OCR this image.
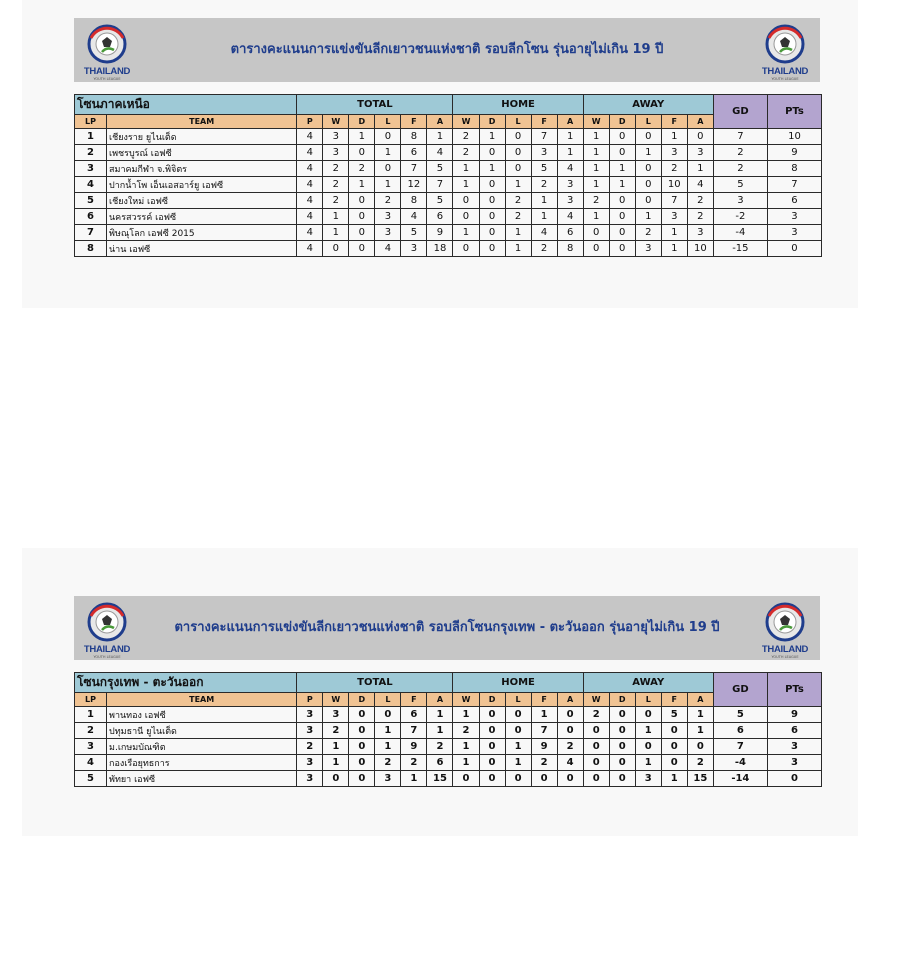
THAILAND
YOUTH LEAGUE
ตารางคะแนนการแข่งขันลีกเยาวชนแห่งชาติ รอบลีกโซน รุ่นอายุไม่เกิน 19 ปี
THAILAND
YOUTH LEAGUE
โซนภาคเหนือ		TOTAL						HOME					AWAY					GD	PTs
LP	TEAM	P	W	D	L	F	A	W	D	L	F	A	W	D	L	F	A		
1	เชียงราย ยูไนเต็ด	4	3	1	0	8	1	2	1	0	7	1	1	0	0	1	0	7	10
2	เพชรบูรณ์ เอฟซี	4	3	0	1	6	4	2	0	0	3	1	1	0	1	3	3	2	9
3	สมาคมกีฬา จ.พิจิตร	4	2	2	0	7	5	1	1	0	5	4	1	1	0	2	1	2	8
4	ปากน้ำโพ เอ็นเอสอาร์ยู เอฟซี	4	2	1	1	12	7	1	0	1	2	3	1	1	0	10	4	5	7
5	เชียงใหม่ เอฟซี	4	2	0	2	8	5	0	0	2	1	3	2	0	0	7	2	3	6
6	นครสวรรค์ เอฟซี	4	1	0	3	4	6	0	0	2	1	4	1	0	1	3	2	-2	3
7	พิษณุโลก เอฟซี 2015	4	1	0	3	5	9	1	0	1	4	6	0	0	2	1	3	-4	3
8	น่าน เอฟซี	4	0	0	4	3	18	0	0	1	2	8	0	0	3	1	10	-15	0
THAILAND
YOUTH LEAGUE
ตารางคะแนนการแข่งขันลีกเยาวชนแห่งชาติ รอบลีกโซนกรุงเทพ - ตะวันออก รุ่นอายุไม่เกิน 19 ปี
THAILAND
YOUTH LEAGUE
โซนกรุงเทพ - ตะวันออก		TOTAL						HOME					AWAY					GD	PTs
LP	TEAM	P	W	D	L	F	A	W	D	L	F	A	W	D	L	F	A		
1	พานทอง เอฟซี	3	3	0	0	6	1	1	0	0	1	0	2	0	0	5	1	5	9
2	ปทุมธานี ยูไนเต็ด	3	2	0	1	7	1	2	0	0	7	0	0	0	1	0	1	6	6
3	ม.เกษมบัณฑิต	2	1	0	1	9	2	1	0	1	9	2	0	0	0	0	0	7	3
4	กองเรือยุทธการ	3	1	0	2	2	6	1	0	1	2	4	0	0	1	0	2	-4	3
5	พัทยา เอฟซี	3	0	0	3	1	15	0	0	0	0	0	0	0	3	1	15	-14	0
